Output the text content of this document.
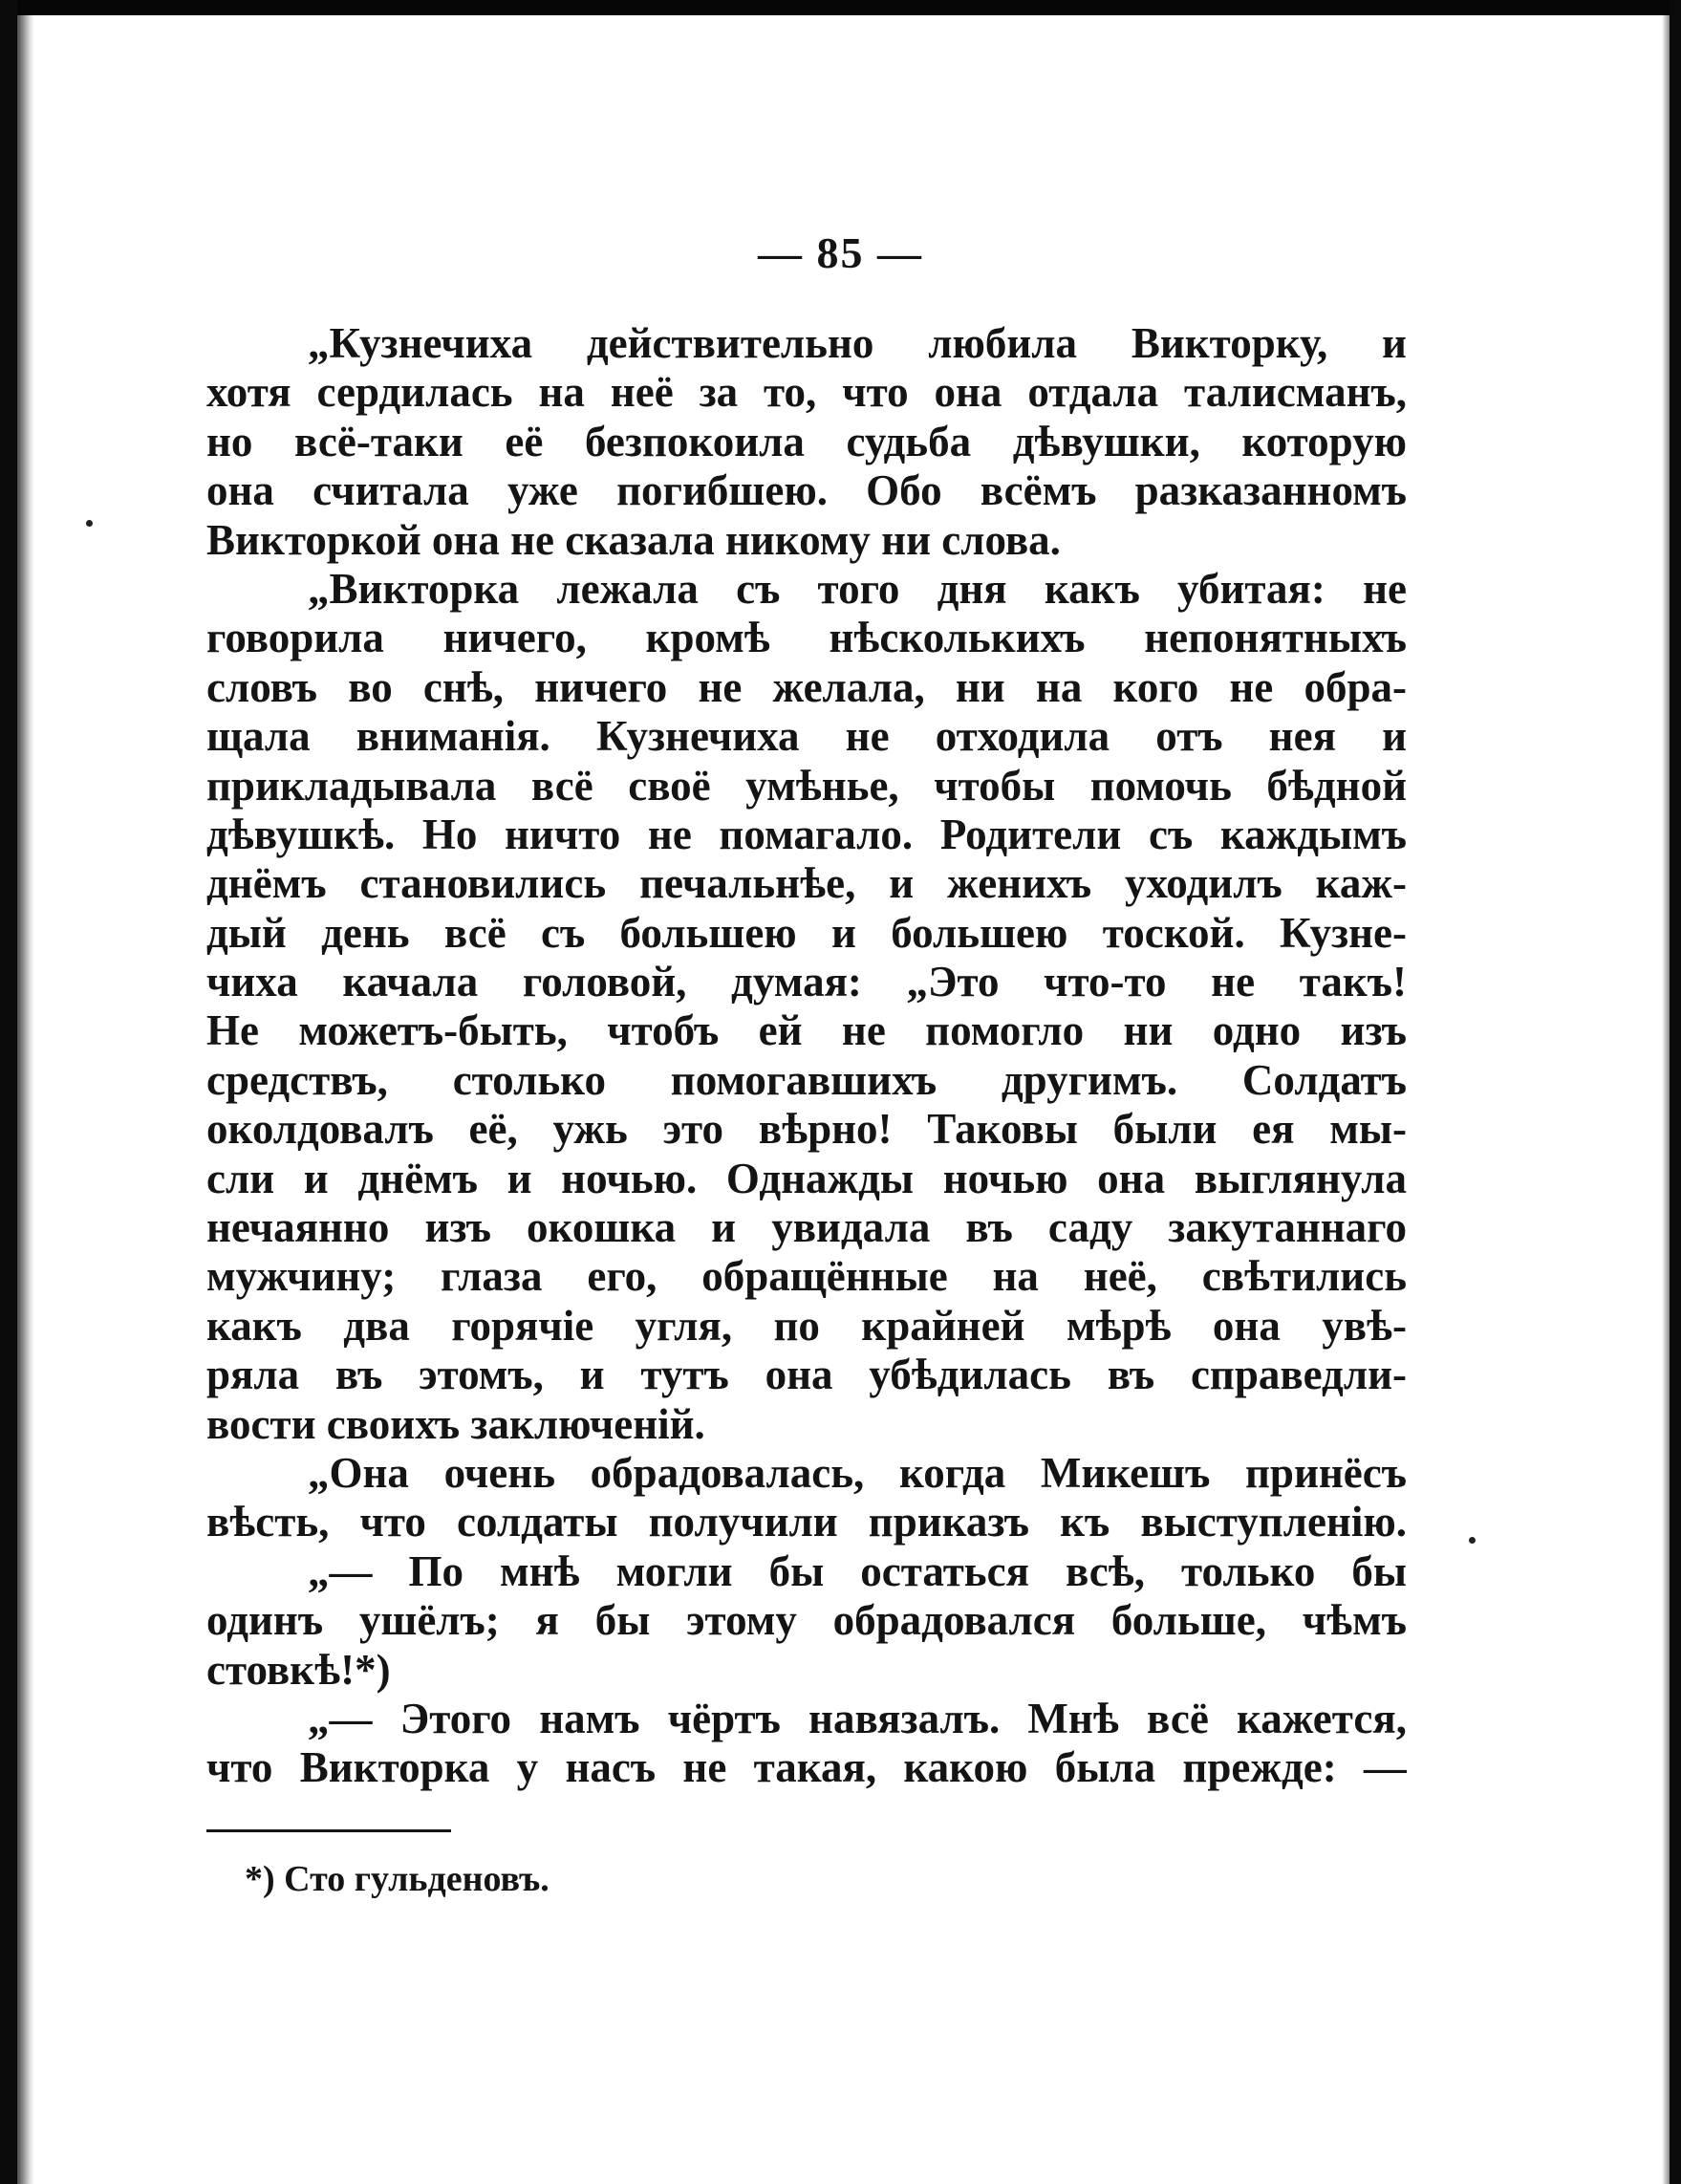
— 85 —
„Кузнечиха действительно любила Викторку, и
хотя сердилась на неё за то, что она отдала талисманъ,
но всё-таки её безпокоила судьба дѣвушки, которую
она считала уже погибшею. Обо всёмъ разказанномъ
Викторкой она не сказала никому ни слова.
„Викторка лежала съ того дня какъ убитая: не
говорила ничего, кромѣ нѣсколькихъ непонятныхъ
словъ во снѣ, ничего не желала, ни на кого не обра-
щала вниманія. Кузнечиха не отходила отъ нея и
прикладывала всё своё умѣнье, чтобы помочь бѣдной
дѣвушкѣ. Но ничто не помагало. Родители съ каждымъ
днёмъ становились печальнѣе, и женихъ уходилъ каж-
дый день всё съ большею и большею тоской. Кузне-
чиха качала головой, думая: „Это что-то не такъ!
Не можетъ-быть, чтобъ ей не помогло ни одно изъ
средствъ, столько помогавшихъ другимъ. Солдатъ
околдовалъ её, ужь это вѣрно! Таковы были ея мы-
сли и днёмъ и ночью. Однажды ночью она выглянула
нечаянно изъ окошка и увидала въ саду закутаннаго
мужчину; глаза его, обращённые на неё, свѣтились
какъ два горячіе угля, по крайней мѣрѣ она увѣ-
ряла въ этомъ, и тутъ она убѣдилась въ справедли-
вости своихъ заключеній.
„Она очень обрадовалась, когда Микешъ принёсъ
вѣсть, что солдаты получили приказъ къ выступленію.
„— По мнѣ могли бы остаться всѣ, только бы
одинъ ушёлъ; я бы этому обрадовался больше, чѣмъ
стовкѣ!*)
„— Этого намъ чёртъ навязалъ. Мнѣ всё кажется,
что Викторка у насъ не такая, какою была прежде: —
*) Сто гульденовъ.
